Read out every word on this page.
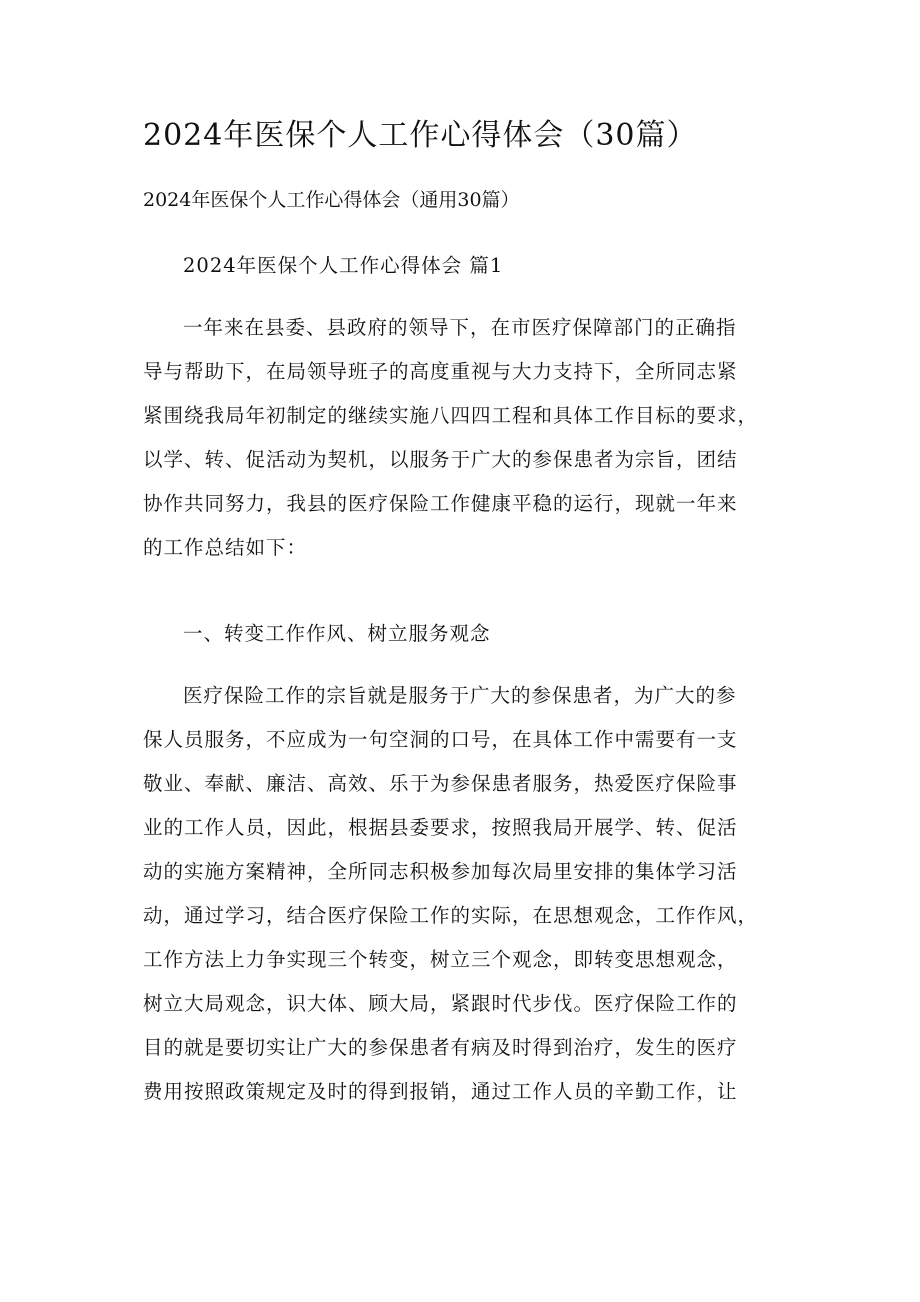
2024年医保个人工作心得体会（30篇）
2024年医保个人工作心得体会（通用30篇）
2024年医保个人工作心得体会 篇1
一年来在县委、县政府的领导下，在市医疗保障部门的正确指
导与帮助下，在局领导班子的高度重视与大力支持下，全所同志紧
紧围绕我局年初制定的继续实施八四四工程和具体工作目标的要求，
以学、转、促活动为契机，以服务于广大的参保患者为宗旨，团结
协作共同努力，我县的医疗保险工作健康平稳的运行，现就一年来
的工作总结如下：
一、转变工作作风、树立服务观念
医疗保险工作的宗旨就是服务于广大的参保患者，为广大的参
保人员服务，不应成为一句空洞的口号，在具体工作中需要有一支
敬业、奉献、廉洁、高效、乐于为参保患者服务，热爱医疗保险事
业的工作人员，因此，根据县委要求，按照我局开展学、转、促活
动的实施方案精神，全所同志积极参加每次局里安排的集体学习活
动，通过学习，结合医疗保险工作的实际，在思想观念，工作作风，
工作方法上力争实现三个转变，树立三个观念，即转变思想观念，
树立大局观念，识大体、顾大局，紧跟时代步伐。医疗保险工作的
目的就是要切实让广大的参保患者有病及时得到治疗，发生的医疗
费用按照政策规定及时的得到报销，通过工作人员的辛勤工作，让
